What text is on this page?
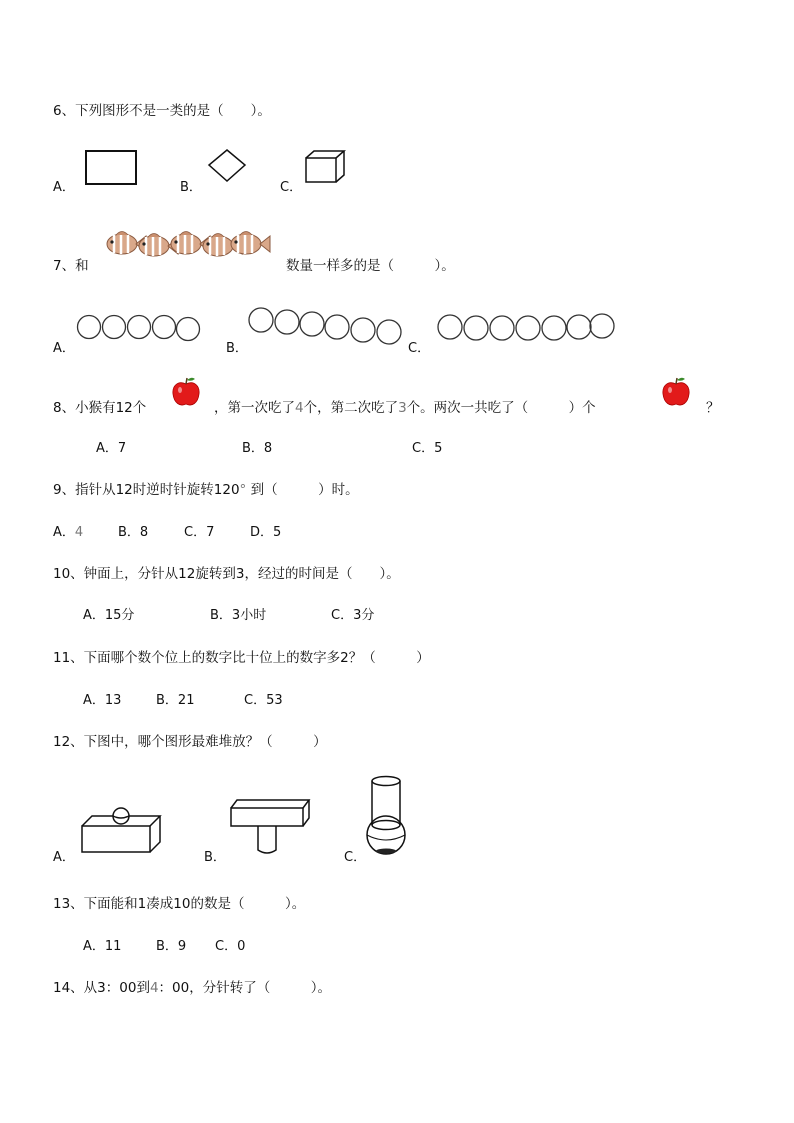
6、下列图形不是一类的是（　　）。
A．	B．	C．
7、和	数量一样多的是（　　　）。
A．	B．	C．
8、小猴有12个	，第一次吃了4个，第二次吃了3个。两次一共吃了（　　　）个	？
A．7	B．8	C．5
9、指针从12时逆时针旋转120° 到（　　　）时。
A．4	B．8	C．7	D．5
10、钟面上，分针从12旋转到3，经过的时间是（　　）。
A．15分	B．3小时	C．3分
11、下面哪个数个位上的数字比十位上的数字多2？（　　　）
A．13	B．21	C．53
12、下图中，哪个图形最难堆放？（　　　）
A．	B．	C．
13、下面能和1凑成10的数是（　　　）。
A．11	B．9 C．0
14、从3：00到4：00，分针转了（　　　）。
